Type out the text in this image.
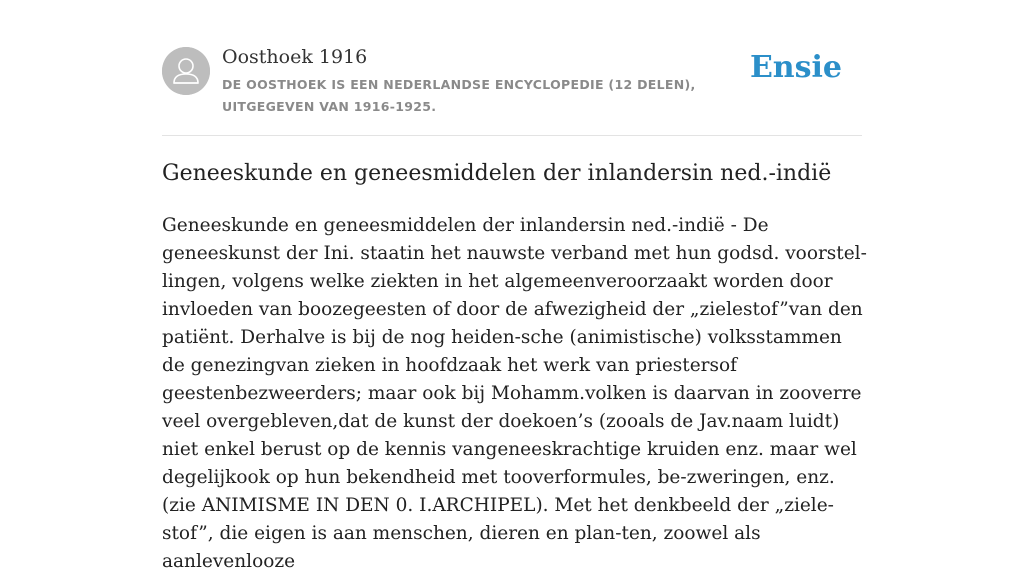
Oosthoek 1916
DE OOSTHOEK IS EEN NEDERLANDSE ENCYCLOPEDIE (12 DELEN), UITGEGEVEN VAN 1916-1925.
Ensie
Geneeskunde en geneesmiddelen der inlandersin ned.-indië

Geneeskunde en geneesmiddelen der inlandersin ned.-indië - De geneeskunst der Ini. staatin het nauwste verband met hun godsd. voorstel-lingen, volgens welke ziekten in het algemeenveroorzaakt worden door invloeden van boozegeesten of door de afwezigheid der „zielestof”van den patiënt. Derhalve is bij de nog heiden-sche (animistische) volksstammen de genezingvan zieken in hoofdzaak het werk van priestersof geestenbezweerders; maar ook bij Mohamm.volken is daarvan in zooverre veel overgebleven,dat de kunst der doekoen’s (zooals de Jav.naam luidt) niet enkel berust op de kennis vangeneeskrachtige kruiden enz. maar wel degelijkook op hun bekendheid met tooverformules, be-zweringen, enz. (zie ANIMISME IN DEN 0. I.ARCHIPEL). Met het denkbeeld der „ziele-stof”, die eigen is aan menschen, dieren en plan-ten, zoowel als aanlevenlooze
